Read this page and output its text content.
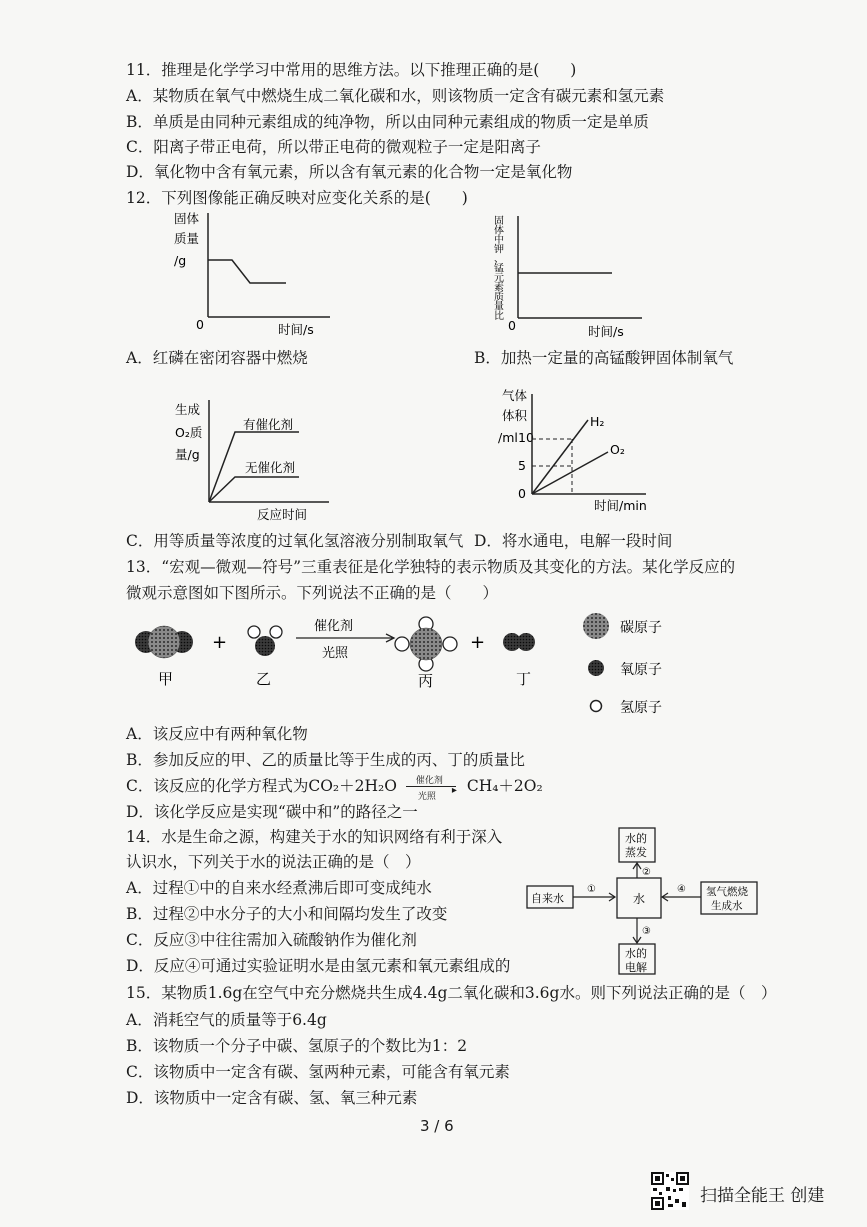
11．推理是化学学习中常用的思维方法。以下推理正确的是(　　)
A．某物质在氧气中燃烧生成二氧化碳和水，则该物质一定含有碳元素和氢元素
B．单质是由同种元素组成的纯净物，所以由同种元素组成的物质一定是单质
C．阳离子带正电荷，所以带正电荷的微观粒子一定是阳离子
D．氧化物中含有氧元素，所以含有氧元素的化合物一定是氧化物
12．下列图像能正确反映对应变化关系的是(　　)
固体
质量
/g
0	时间/s
固体中钾、锰元素质量比
0	时间/s
A．红磷在密闭容器中燃烧	B．加热一定量的高锰酸钾固体制氧气
生成
O₂质
量/g
有催化剂
无催化剂
反应时间
气体
体积
/ml 10
5
0
H₂
O₂
时间/min
C．用等质量等浓度的过氧化氢溶液分别制取氧气 D．将水通电，电解一段时间
13．“宏观—微观—符号”三重表征是化学独特的表示物质及其变化的方法。某化学反应的
微观示意图如下图所示。下列说法不正确的是（　　）
甲
+
乙
催化剂
光照
丙
+
丁
碳原子
氧原子
氢原子
A．该反应中有两种氧化物
B．参加反应的甲、乙的质量比等于生成的丙、丁的质量比
C．该反应的化学方程式为CO₂＋2H₂O 催化剂
▸
光照
CH₄＋2O₂
D．该化学反应是实现“碳中和”的路径之一
14．水是生命之源，构建关于水的知识网络有利于深入
认识水，下列关于水的说法正确的是（　）
A．过程①中的自来水经煮沸后即可变成纯水
B．过程②中水分子的大小和间隔均发生了改变
C．反应③中往往需加入硫酸钠作为催化剂
D．反应④可通过实验证明水是由氢元素和氧元素组成的
水的
蒸发
自来水	水	氢气燃烧
生成水
水的
电解
①
②
④
③
15．某物质1.6g在空气中充分燃烧共生成4.4g二氧化碳和3.6g水。则下列说法正确的是（　）
A．消耗空气的质量等于6.4g
B．该物质一个分子中碳、氢原子的个数比为1：2
C．该物质中一定含有碳、氢两种元素，可能含有氧元素
D．该物质中一定含有碳、氢、氧三种元素
3 / 6
扫描全能王 创建
